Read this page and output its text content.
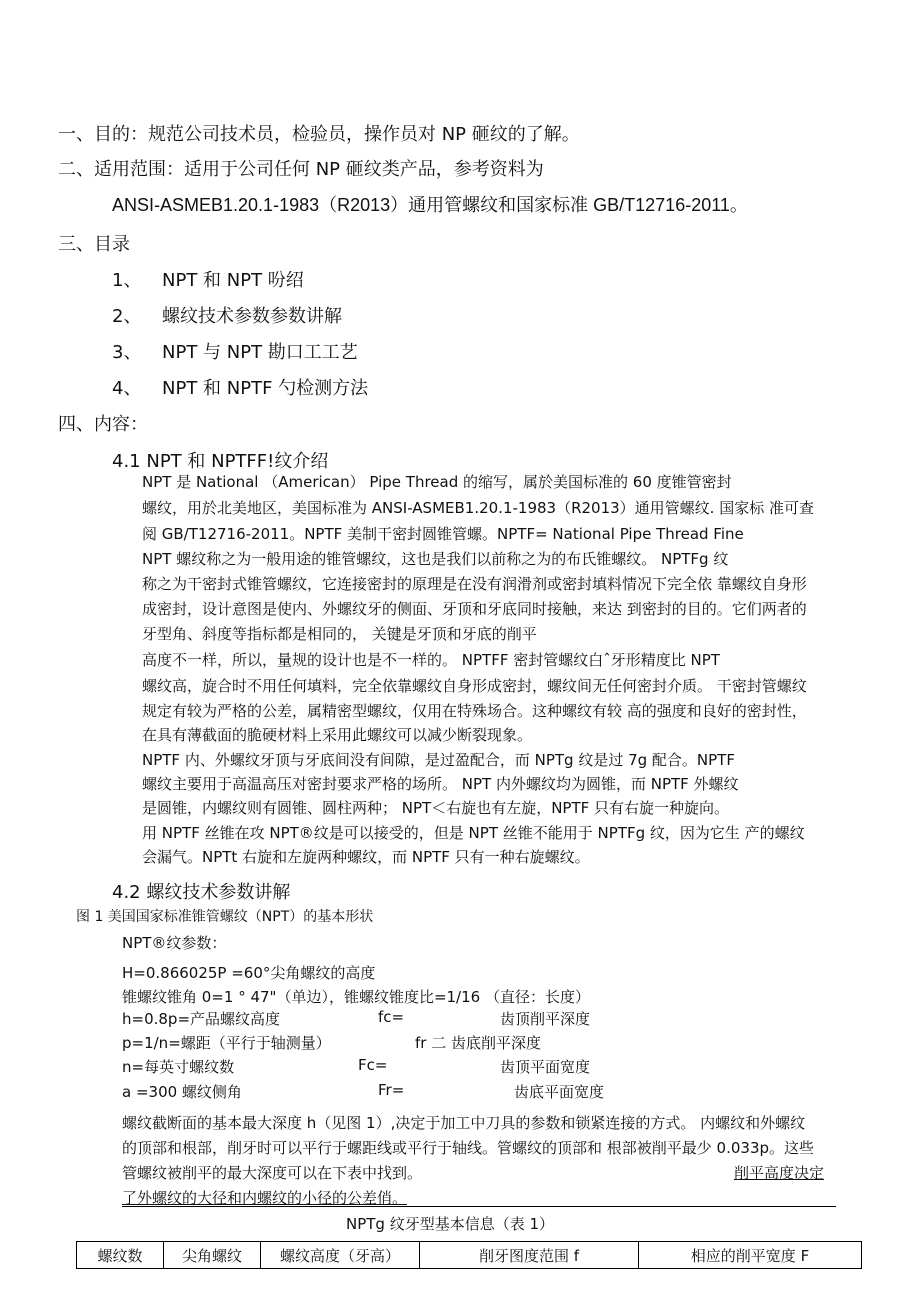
一、目的：规范公司技术员，检验员，操作员对 NP 砸纹的了解。
二、适用范围：适用于公司任何 NP 砸纹类产品，参考资料为
ANSI-ASMEB1.20.1-1983（R2013）通用管螺纹和国家标准 GB/T12716-2011。
三、目录
1、 NPT 和 NPT 吩绍
2、 螺纹技术参数参数讲解
3、 NPT 与 NPT 勘口工工艺
4、 NPT 和 NPTF 勺检测方法
四、内容：
4.1 NPT 和 NPTFF!纹介绍
NPT 是 National （American） Pipe Thread 的缩写，属於美国标准的 60 度锥管密封
螺纹，用於北美地区，美国标准为 ANSI-ASMEB1.20.1-1983（R2013）通用管螺纹. 国家标 准可查
阅 GB/T12716-2011。NPTF 美制干密封圆锥管螺。NPTF= National Pipe Thread Fine
NPT 螺纹称之为一般用途的锥管螺纹，这也是我们以前称之为的布氏锥螺纹。 NPTFg 纹
称之为干密封式锥管螺纹，它连接密封的原理是在没有润滑剂或密封填料情况下完全依 靠螺纹自身形
成密封，设计意图是使内、外螺纹牙的侧面、牙顶和牙底同时接触，来达 到密封的目的。它们两者的
牙型角、斜度等指标都是相同的， 关键是牙顶和牙底的削平
高度不一样，所以，量规的设计也是不一样的。 NPTFF 密封管螺纹白ˆ牙形精度比 NPT
螺纹高，旋合时不用任何填料，完全依靠螺纹自身形成密封，螺纹间无任何密封介质。 干密封管螺纹
规定有较为严格的公差，属精密型螺纹，仅用在特殊场合。这种螺纹有较 高的强度和良好的密封性，
在具有薄截面的脆硬材料上采用此螺纹可以减少断裂现象。
NPTF 内、外螺纹牙顶与牙底间没有间隙，是过盈配合，而 NPTg 纹是过 7g 配合。NPTF
螺纹主要用于高温高压对密封要求严格的场所。 NPT 内外螺纹均为圆锥，而 NPTF 外螺纹
是圆锥，内螺纹则有圆锥、圆柱两种； NPT＜右旋也有左旋，NPTF 只有右旋一种旋向。
用 NPTF 丝锥在攻 NPT®纹是可以接受的，但是 NPT 丝锥不能用于 NPTFg 纹，因为它生 产的螺纹
会漏气。NPTt 右旋和左旋两种螺纹，而 NPTF 只有一种右旋螺纹。
4.2 螺纹技术参数讲解
图 1 美国国家标准锥管螺纹（NPT）的基本形状
NPT®纹参数：
H=0.866025P =60°尖角螺纹的高度
锥螺纹锥角 0=1 ° 47"（单边），锥螺纹锥度比=1/16 （直径：长度）
h=0.8p=产品螺纹高度	fc=	齿顶削平深度
p=1/n=螺距（平行于轴测量）	fr 二 齿底削平深度
n=每英寸螺纹数	Fc=	齿顶平面宽度
a =300 螺纹侧角	Fr=	齿底平面宽度
螺纹截断面的基本最大深度 h（见图 1）,决定于加工中刀具的参数和锁紧连接的方式。 内螺纹和外螺纹
的顶部和根部，削牙时可以平行于螺距线或平行于轴线。管螺纹的顶部和 根部被削平最少 0.033p。这些
管螺纹被削平的最大深度可以在下表中找到。	削平高度决定
了外螺纹的大径和内螺纹的小径的公差俏。
NPTg 纹牙型基本信息（表 1）
螺纹数	尖角螺纹	螺纹高度（牙高）	削牙图度范围 f	相应的削平宽度 F
